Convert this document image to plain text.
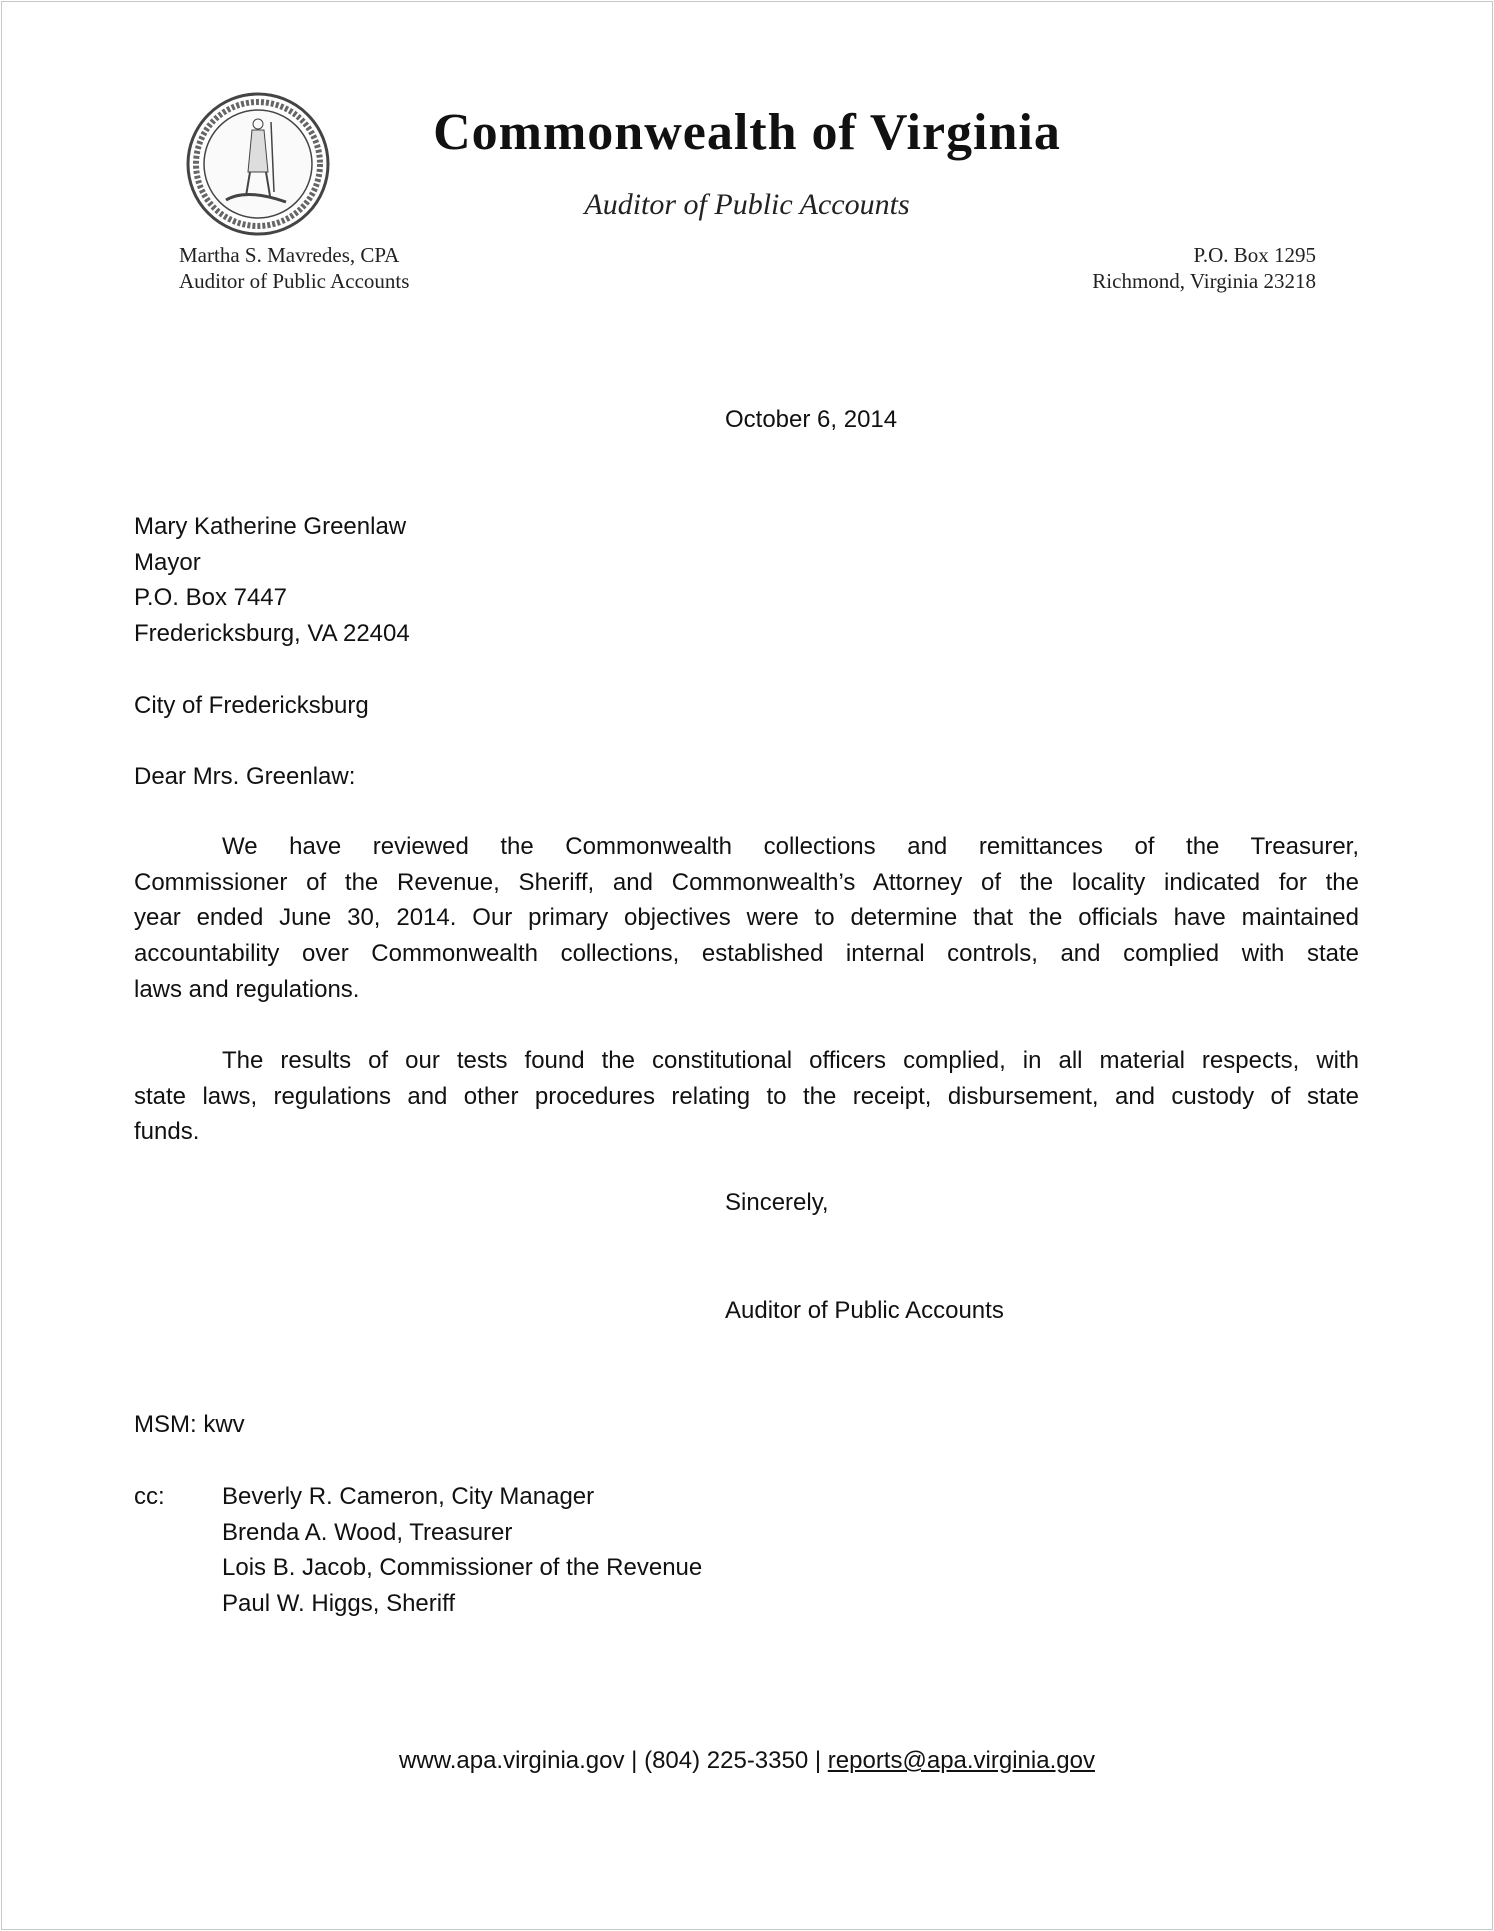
Commonwealth of Virginia
Auditor of Public Accounts
Martha S. Mavredes, CPA
Auditor of Public Accounts
P.O. Box 1295
Richmond, Virginia 23218
October 6, 2014
Mary Katherine Greenlaw
Mayor
P.O. Box 7447
Fredericksburg, VA 22404
City of Fredericksburg
Dear Mrs. Greenlaw:
We have reviewed the Commonwealth collections and remittances of the Treasurer,
Commissioner of the Revenue, Sheriff, and Commonwealth’s Attorney of the locality indicated for the
year ended June 30, 2014. Our primary objectives were to determine that the officials have maintained
accountability over Commonwealth collections, established internal controls, and complied with state
laws and regulations.
The results of our tests found the constitutional officers complied, in all material respects, with
state laws, regulations and other procedures relating to the receipt, disbursement, and custody of state
funds.
Sincerely,
Auditor of Public Accounts
MSM: kwv
cc: Beverly R. Cameron, City Manager
Brenda A. Wood, Treasurer
Lois B. Jacob, Commissioner of the Revenue
Paul W. Higgs, Sheriff
www.apa.virginia.gov | (804) 225-3350 | reports@apa.virginia.gov
